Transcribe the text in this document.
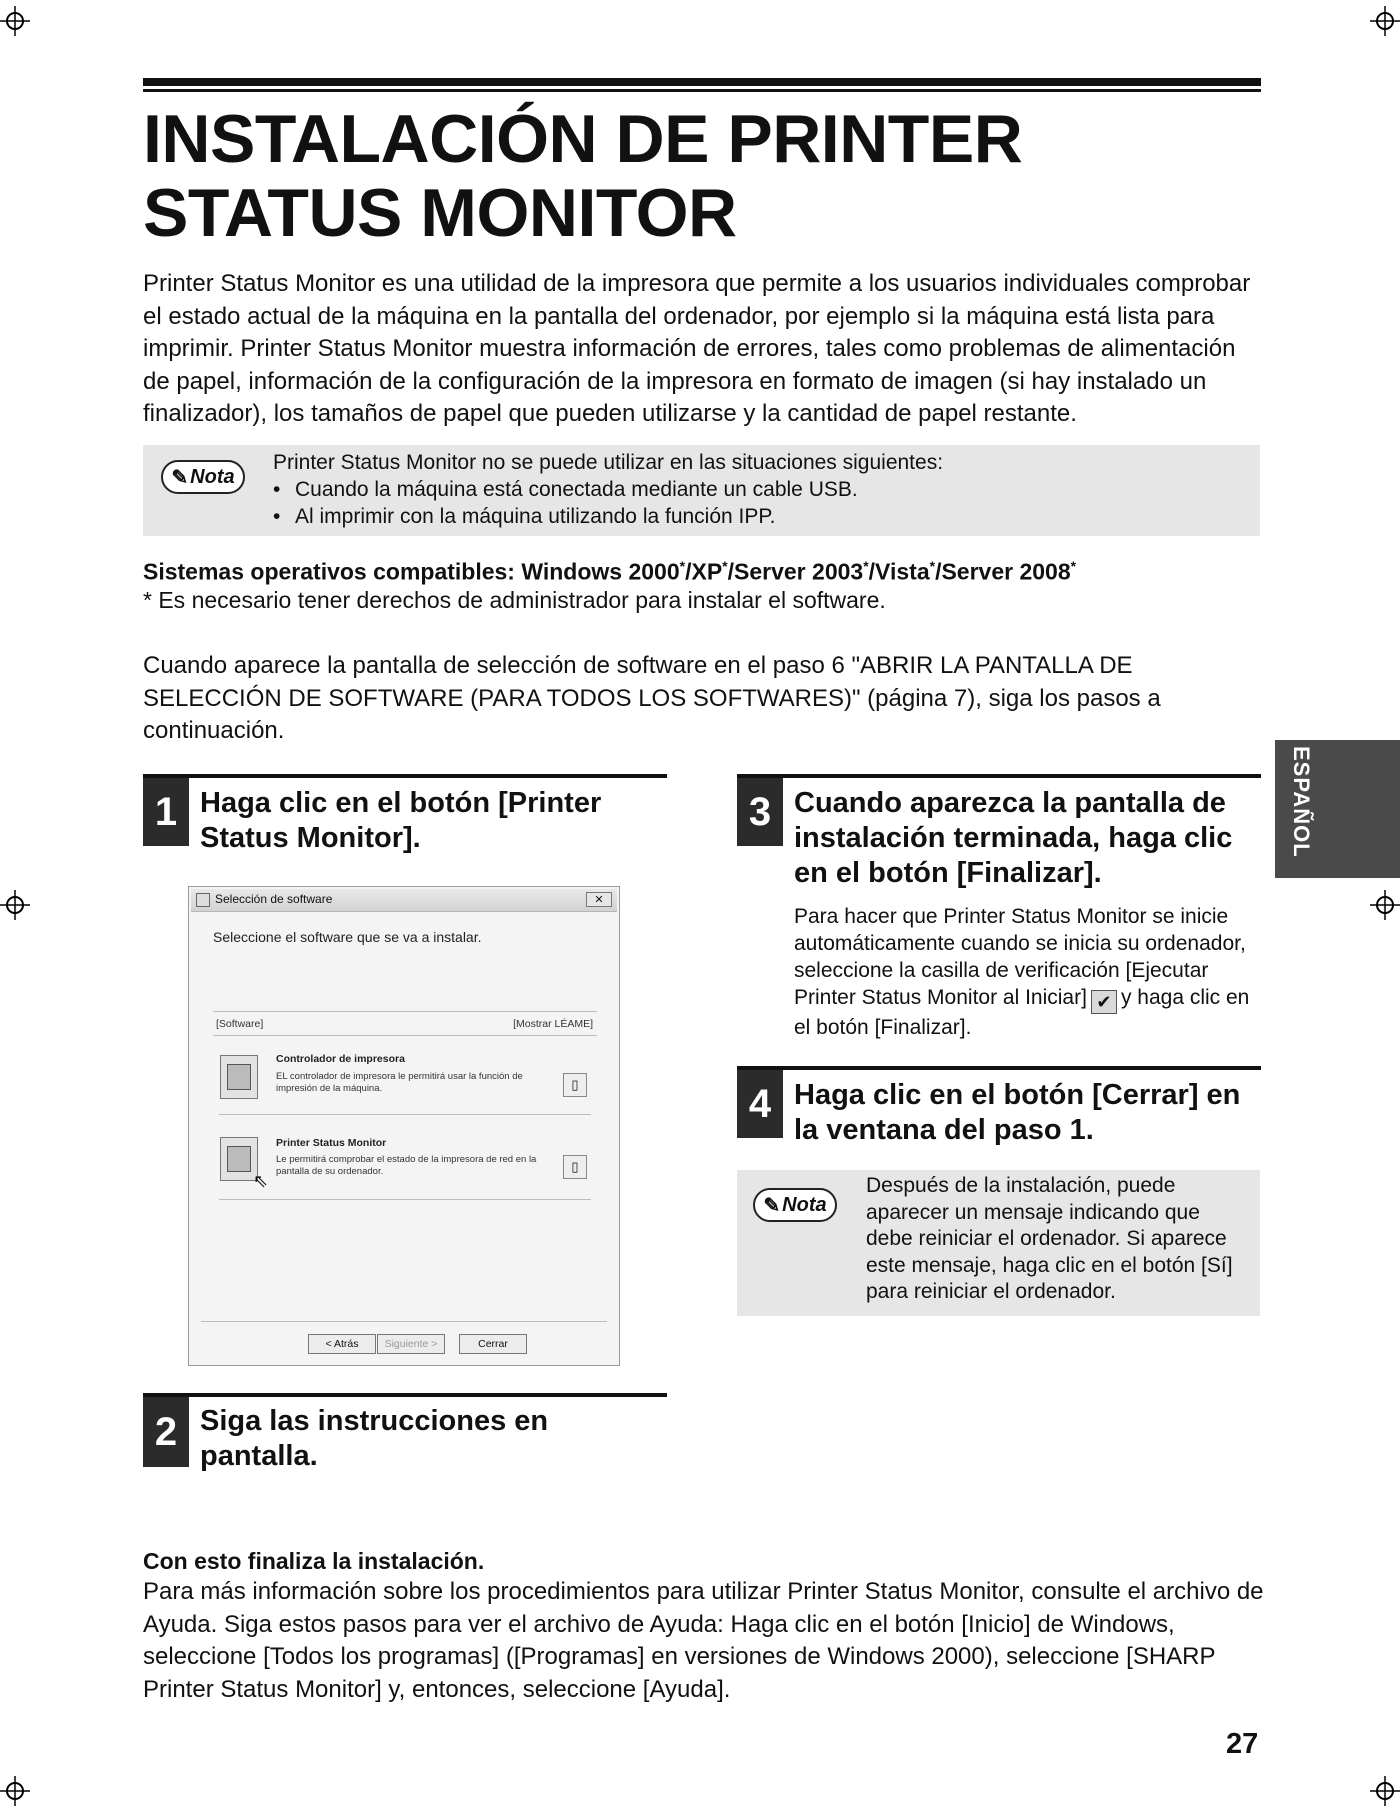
INSTALACIÓN DE PRINTER STATUS MONITOR

Printer Status Monitor es una utilidad de la impresora que permite a los usuarios individuales comprobar el estado actual de la máquina en la pantalla del ordenador, por ejemplo si la máquina está lista para imprimir. Printer Status Monitor muestra información de errores, tales como problemas de alimentación de papel, información de la configuración de la impresora en formato de imagen (si hay instalado un finalizador), los tamaños de papel que pueden utilizarse y la cantidad de papel restante.

✎ Nota
Printer Status Monitor no se puede utilizar en las situaciones siguientes:
• Cuando la máquina está conectada mediante un cable USB.
• Al imprimir con la máquina utilizando la función IPP.

Sistemas operativos compatibles: Windows 2000*/XP*/Server 2003*/Vista*/Server 2008*

* Es necesario tener derechos de administrador para instalar el software.

Cuando aparece la pantalla de selección de software en el paso 6 "ABRIR LA PANTALLA DE SELECCIÓN DE SOFTWARE (PARA TODOS LOS SOFTWARES)" (página 7), siga los pasos a continuación.

1 Haga clic en el botón [Printer Status Monitor].
Selección de software	✕
Seleccione el software que se va a instalar.
[Software]	[Mostrar LÉAME]
Controlador de impresora
EL controlador de impresora le permitirá usar la función de impresión de la máquina.	▯
Printer Status Monitor
Le permitirá comprobar el estado de la impresora de red en la pantalla de su ordenador.
⇖
▯
< Atrás	Siguiente >	Cerrar
2 Siga las instrucciones en pantalla.
3 Cuando aparezca la pantalla de instalación terminada, haga clic en el botón [Finalizar].

Para hacer que Printer Status Monitor se inicie automáticamente cuando se inicia su ordenador, seleccione la casilla de verificación [Ejecutar Printer Status Monitor al Iniciar] ✔ y haga clic en el botón [Finalizar].

4 Haga clic en el botón [Cerrar] en la ventana del paso 1.
✎ Nota
Después de la instalación, puede aparecer un mensaje indicando que debe reiniciar el ordenador. Si aparece este mensaje, haga clic en el botón [Sí] para reiniciar el ordenador.
ESPAÑOL

Con esto finaliza la instalación.

Para más información sobre los procedimientos para utilizar Printer Status Monitor, consulte el archivo de Ayuda. Siga estos pasos para ver el archivo de Ayuda: Haga clic en el botón [Inicio] de Windows, seleccione [Todos los programas] ([Programas] en versiones de Windows 2000), seleccione [SHARP Printer Status Monitor] y, entonces, seleccione [Ayuda].

27
